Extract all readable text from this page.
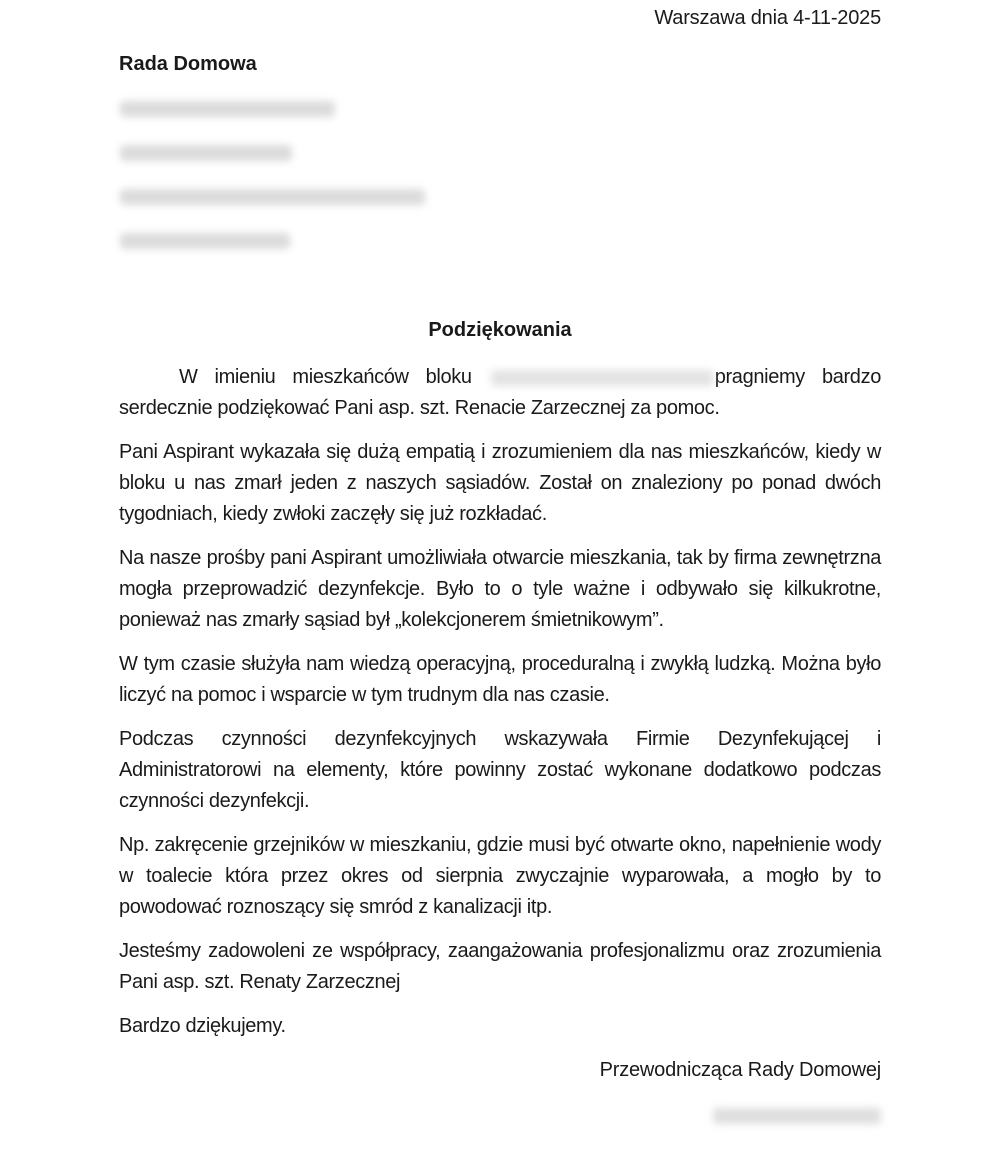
Warszawa dnia 4-11-2025
Rada Domowa
Podziękowania

W imieniu mieszkańców bloku	pragniemy bardzo serdecznie podziękować Pani asp. szt. Renacie Zarzecznej za pomoc.

Pani Aspirant wykazała się dużą empatią i zrozumieniem dla nas mieszkańców, kiedy w bloku u nas zmarł jeden z naszych sąsiadów. Został on znaleziony po ponad dwóch tygodniach, kiedy zwłoki zaczęły się już rozkładać.

Na nasze prośby pani Aspirant umożliwiała otwarcie mieszkania, tak by firma zewnętrzna mogła przeprowadzić dezynfekcje. Było to o tyle ważne i odbywało się kilkukrotne, ponieważ nas zmarły sąsiad był „kolekcjonerem śmietnikowym”.

W tym czasie służyła nam wiedzą operacyjną, proceduralną i zwykłą ludzką. Można było liczyć na pomoc i wsparcie w tym trudnym dla nas czasie.

Podczas czynności dezynfekcyjnych wskazywała Firmie Dezynfekującej i Administratorowi na elementy, które powinny zostać wykonane dodatkowo podczas czynności dezynfekcji.

Np. zakręcenie grzejników w mieszkaniu, gdzie musi być otwarte okno, napełnienie wody w toalecie która przez okres od sierpnia zwyczajnie wyparowała, a mogło by to powodować roznoszący się smród z kanalizacji itp.

Jesteśmy zadowoleni ze współpracy, zaangażowania profesjonalizmu oraz zrozumienia Pani asp. szt. Renaty Zarzecznej

Bardzo dziękujemy.

Przewodnicząca Rady Domowej
